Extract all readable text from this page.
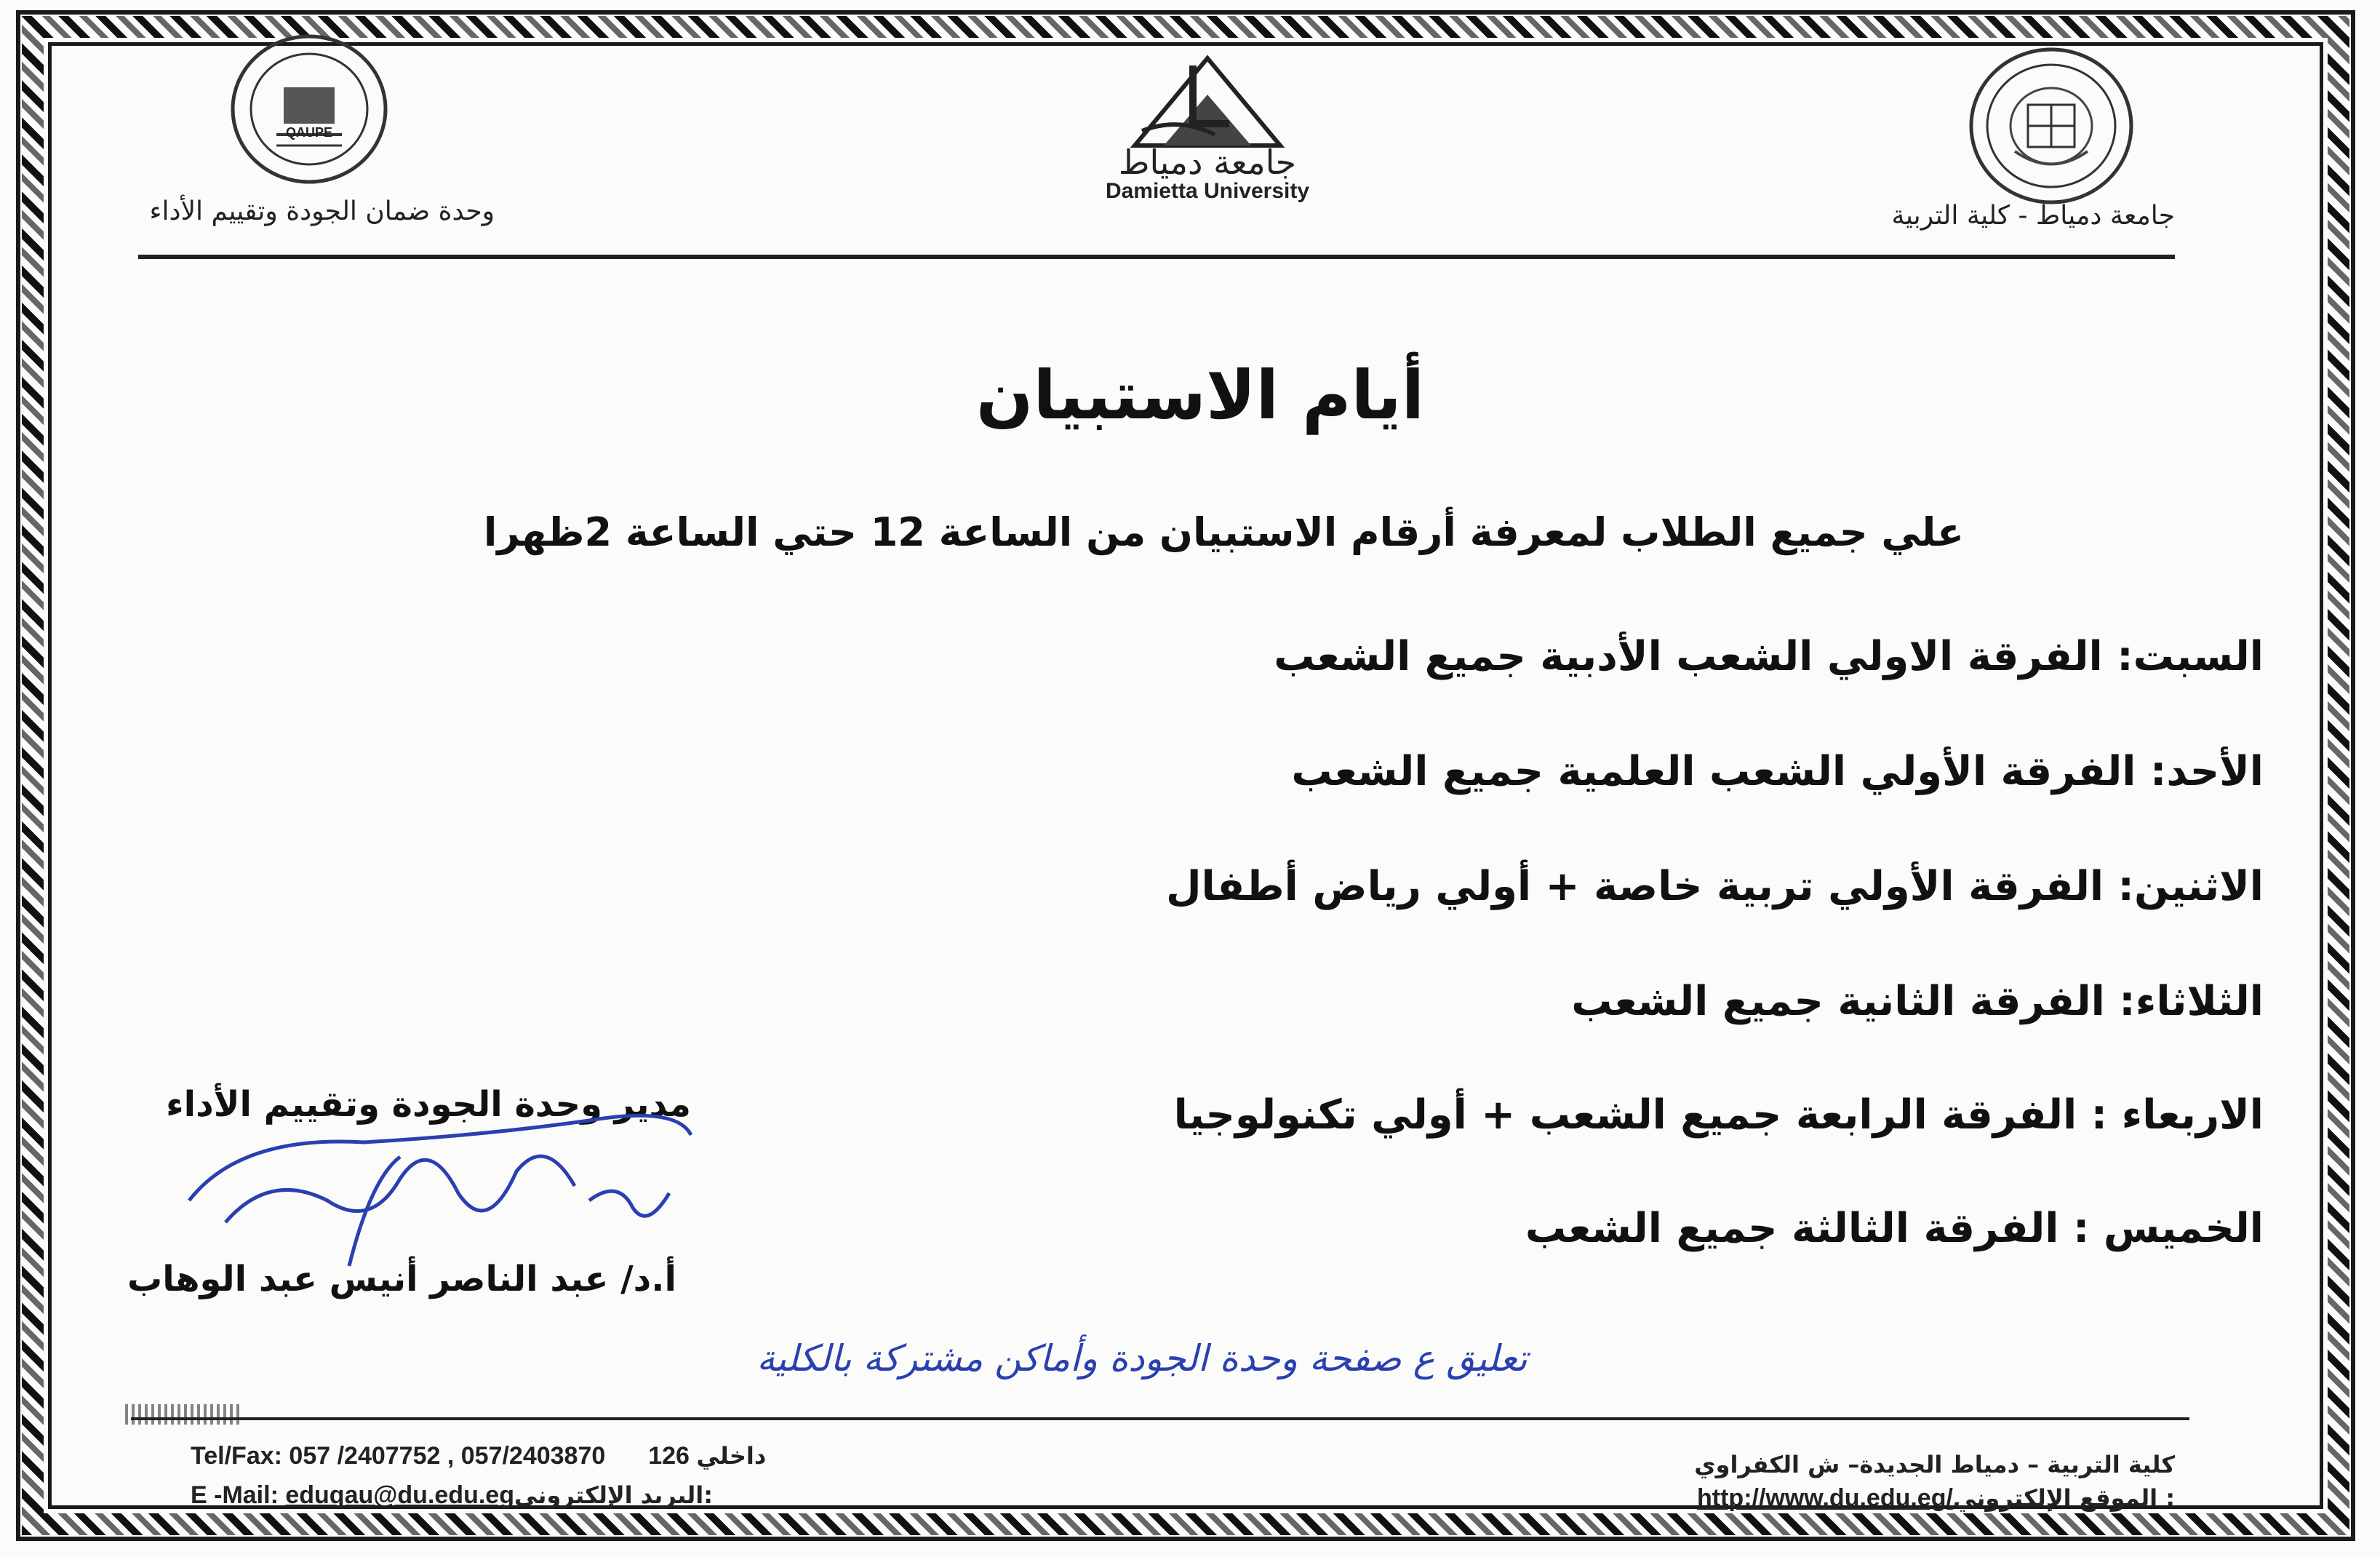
جامعة دمياط - كلية التربية
جامعة دمياط
Damietta University
QAUPE
وحدة ضمان الجودة وتقييم الأداء
أيام الاستبيان
علي جميع الطلاب لمعرفة أرقام الاستبيان من الساعة 12 حتي الساعة 2ظهرا
السبت: الفرقة الاولي الشعب الأدبية جميع الشعب
الأحد: الفرقة الأولي الشعب العلمية جميع الشعب
الاثنين: الفرقة الأولي تربية خاصة + أولي رياض أطفال
الثلاثاء: الفرقة الثانية جميع الشعب
الاربعاء : الفرقة الرابعة جميع الشعب + أولي تكنولوجيا
الخميس : الفرقة الثالثة جميع الشعب
مدير وحدة الجودة وتقييم الأداء
أ.د/ عبد الناصر أنيس عبد الوهاب
تعليق ع صفحة وحدة الجودة وأماكن مشتركة بالكلية
Tel/Fax: 057 /2407752 , 057/2403870 126 داخلي
E -Mail: eduqau@du.edu.egالبريد الإلكتروني:
كلية التربية – دمياط الجديدة– ش الكفراوي
http://www.du.edu.eg/الموقع الإلكتروني :
